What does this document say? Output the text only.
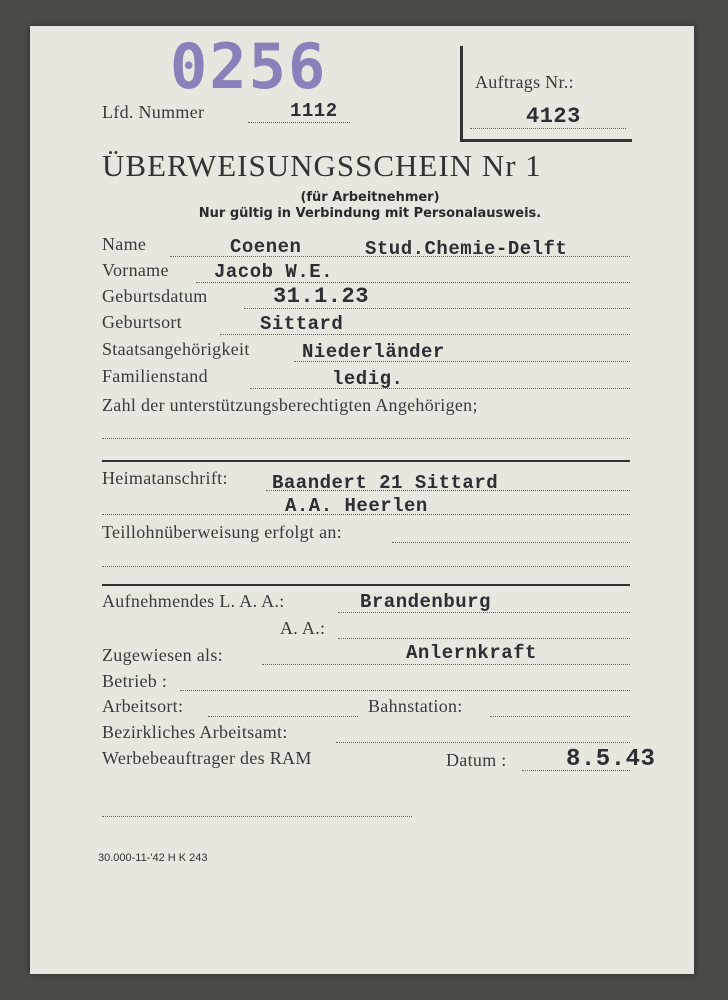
0256
Lfd. Nummer	1112
Auftrags Nr.:
4123
ÜBERWEISUNGSSCHEIN Nr 1
(für Arbeitnehmer)
Nur gültig in Verbindung mit Personalausweis.
Name	Coenen	Stud.Chemie-Delft
Vorname Jacob W.E.
Geburtsdatum	31.1.23
Geburtsort	Sittard
Staatsangehörigkeit	Niederländer
Familienstand	ledig.
Zahl der unterstützungsberechtigten Angehörigen;
Heimatanschrift: Baandert 21 Sittard
A.A. Heerlen
Teillohnüberweisung erfolgt an:
Aufnehmendes L. A. A.:	Brandenburg
A. A.:
Zugewiesen als:	Anlernkraft
Betrieb :
Arbeitsort:	Bahnstation:
Bezirkliches Arbeitsamt:
Werbebeauftrager des RAM	Datum : 8.5.43
30.000-11-'42 H K 243
